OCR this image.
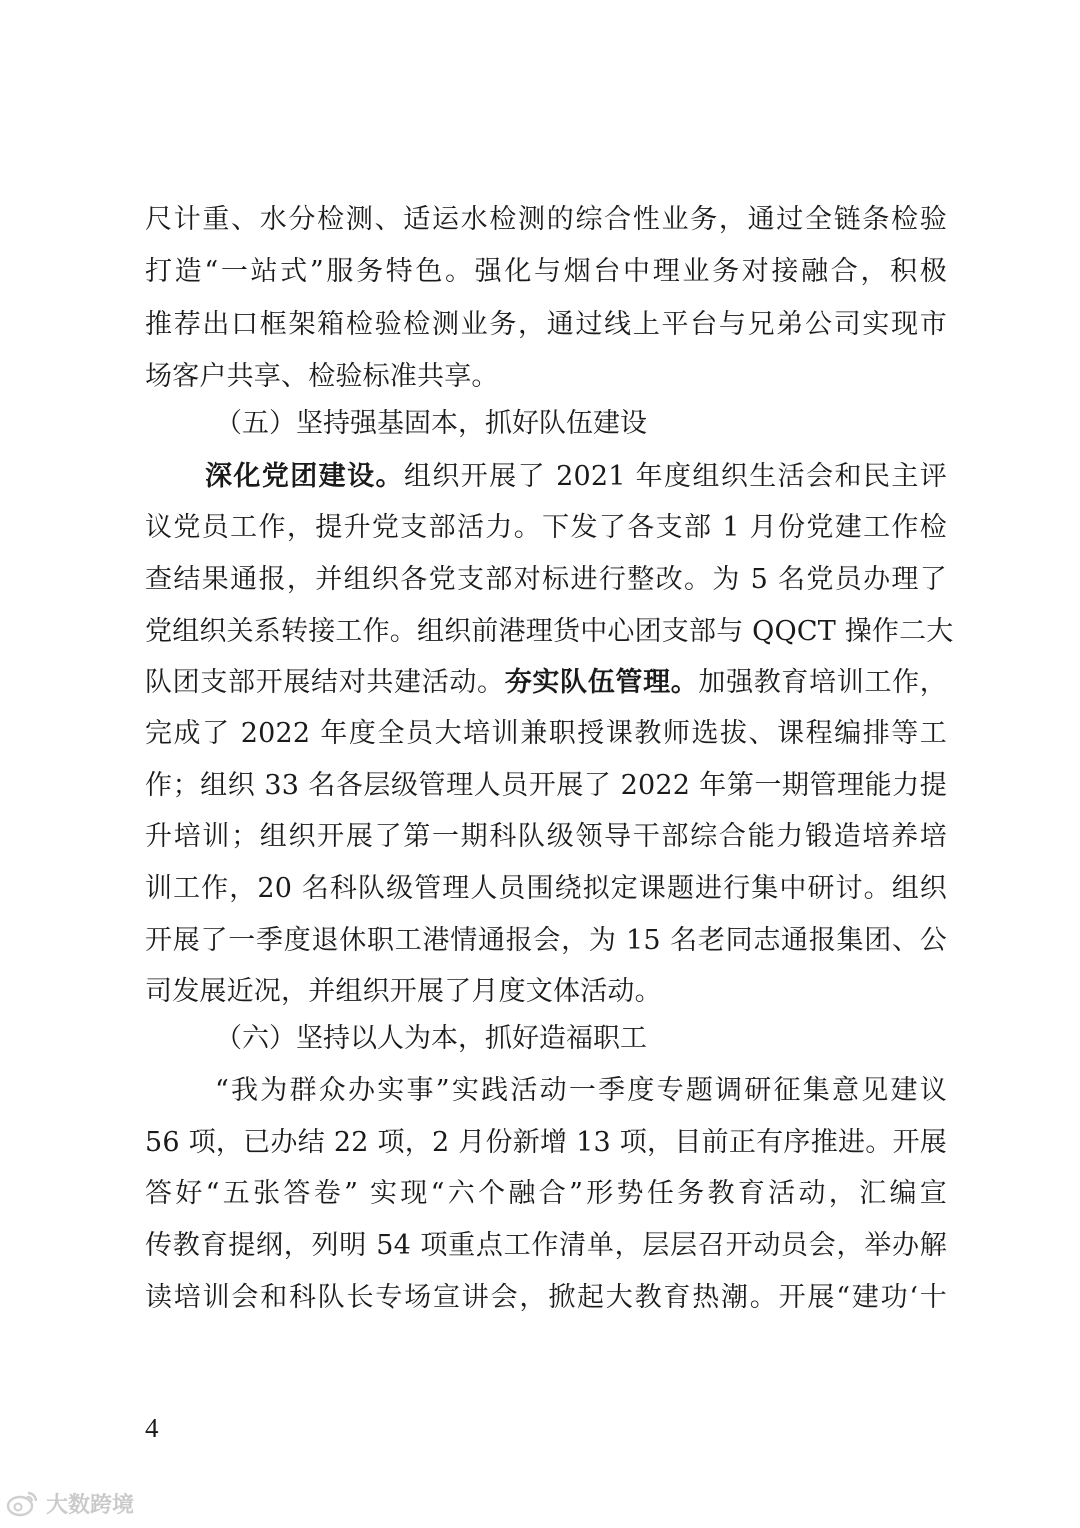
尺计重、水分检测、适运水检测的综合性业务，通过全链条检验
打造“一站式”服务特色。强化与烟台中理业务对接融合，积极
推荐出口框架箱检验检测业务，通过线上平台与兄弟公司实现市
场客户共享、检验标准共享。
（五）坚持强基固本，抓好队伍建设
深化党团建设。组织开展了 2021 年度组织生活会和民主评
议党员工作，提升党支部活力。下发了各支部 1 月份党建工作检
查结果通报，并组织各党支部对标进行整改。为 5 名党员办理了
党组织关系转接工作。组织前港理货中心团支部与 QQCT 操作二大
队团支部开展结对共建活动。夯实队伍管理。加强教育培训工作，
完成了 2022 年度全员大培训兼职授课教师选拔、课程编排等工
作；组织 33 名各层级管理人员开展了 2022 年第一期管理能力提
升培训；组织开展了第一期科队级领导干部综合能力锻造培养培
训工作，20 名科队级管理人员围绕拟定课题进行集中研讨。组织
开展了一季度退休职工港情通报会，为 15 名老同志通报集团、公
司发展近况，并组织开展了月度文体活动。
（六）坚持以人为本，抓好造福职工
“我为群众办实事”实践活动一季度专题调研征集意见建议
56 项，已办结 22 项，2 月份新增 13 项，目前正有序推进。开展
答好“五张答卷” 实现“六个融合”形势任务教育活动，汇编宣
传教育提纲，列明 54 项重点工作清单，层层召开动员会，举办解
读培训会和科队长专场宣讲会，掀起大教育热潮。开展“建功‘十
4
大数跨境
